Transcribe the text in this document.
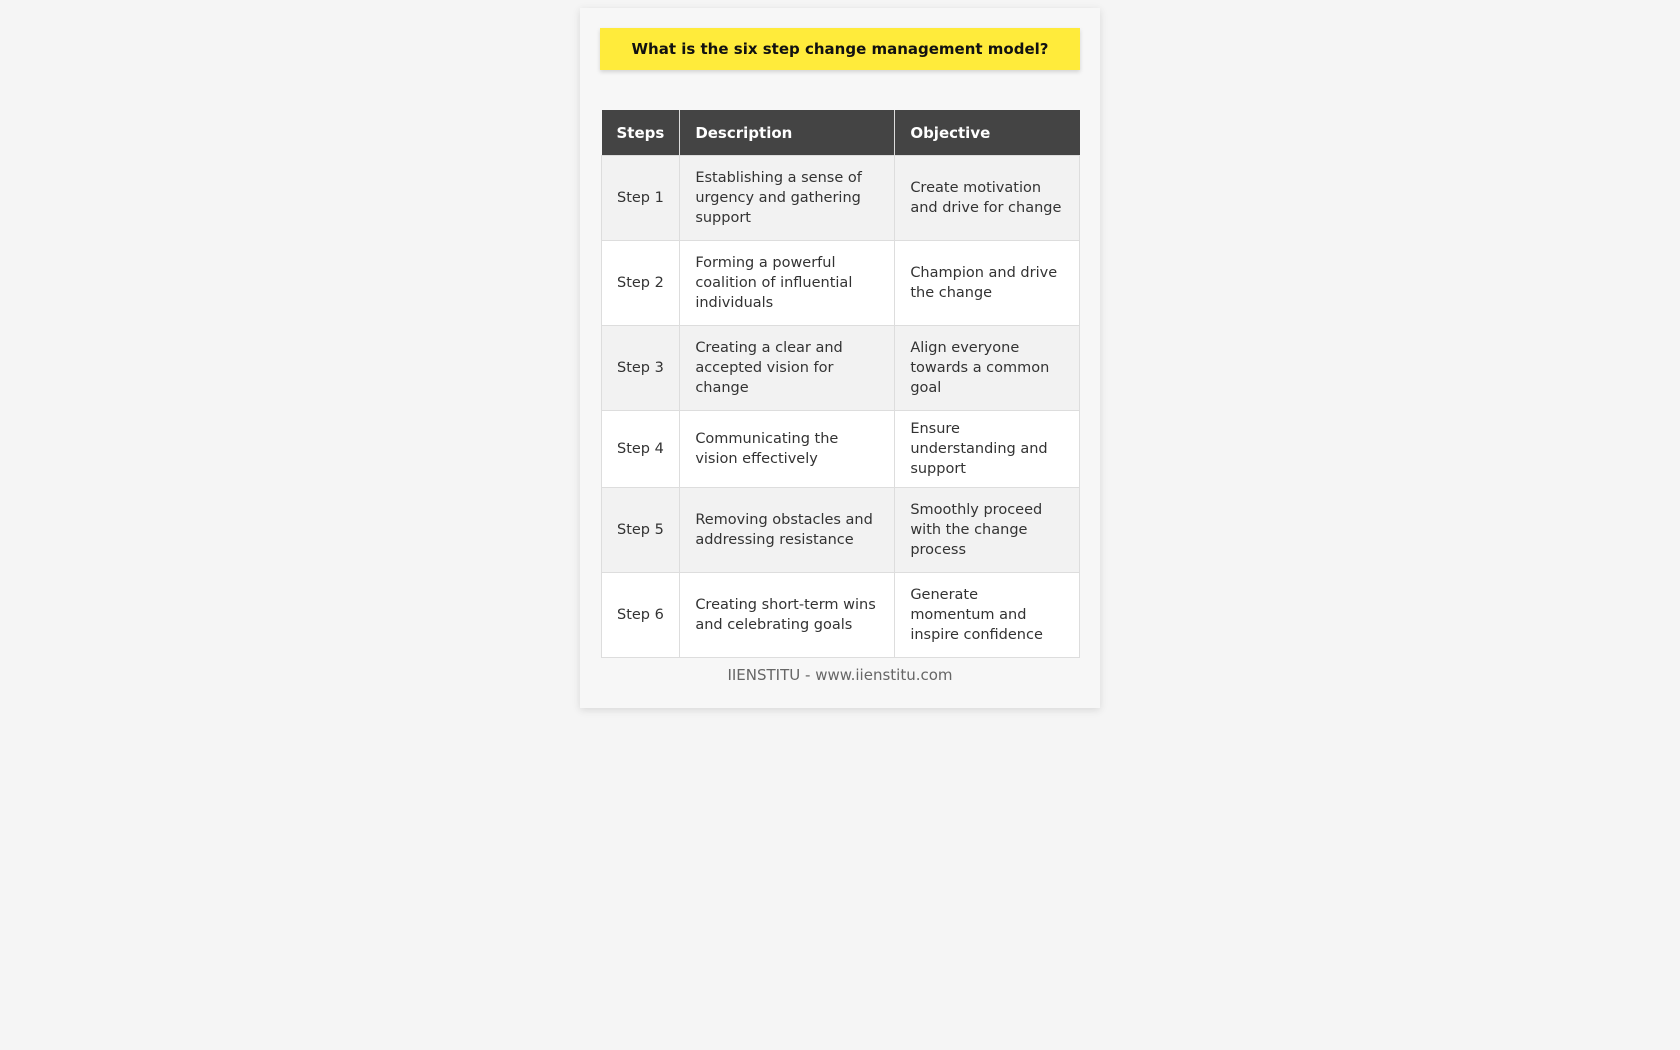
What is the six step change management model?
Steps	Description	Objective
Step 1	Establishing a sense of urgency and gathering support	Create motivation and drive for change
Step 2	Forming a powerful coalition of influential individuals	Champion and drive the change
Step 3	Creating a clear and accepted vision for change	Align everyone towards a common goal
Step 4	Communicating the vision effectively	Ensure understanding and support
Step 5	Removing obstacles and addressing resistance	Smoothly proceed with the change process
Step 6	Creating short-term wins and celebrating goals	Generate momentum and inspire confidence
IIENSTITU - www.iienstitu.com
